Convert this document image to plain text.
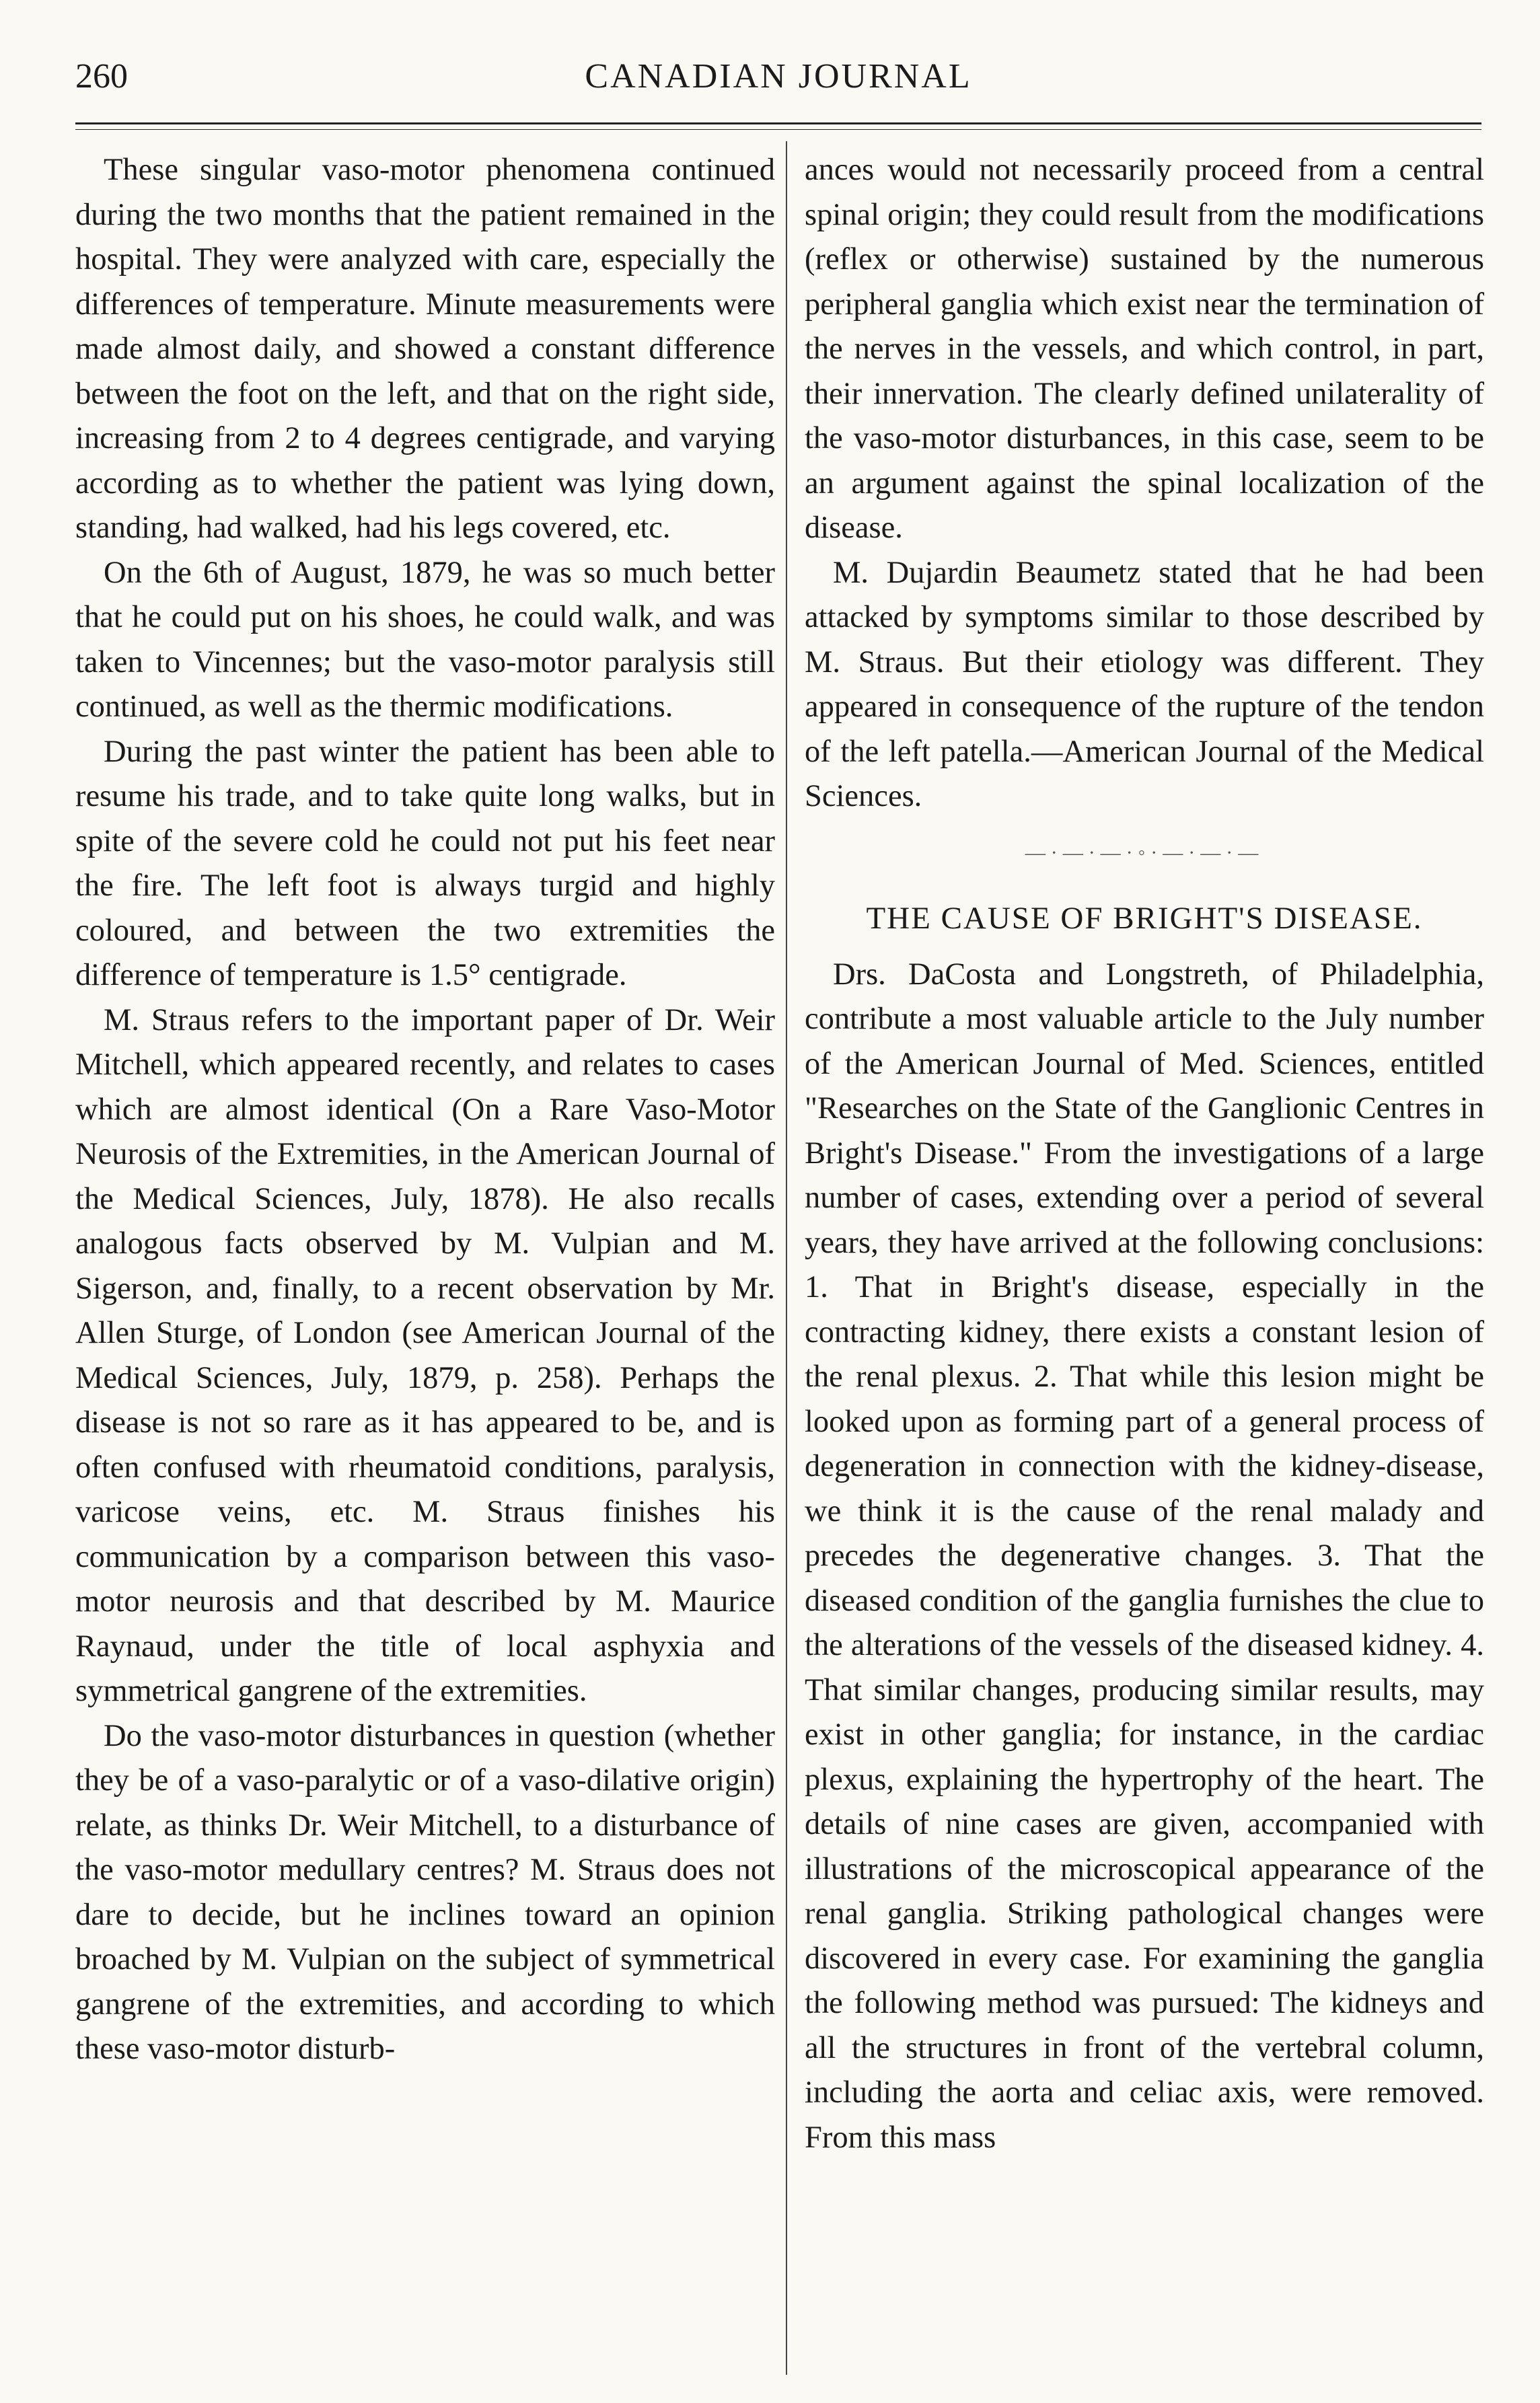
260	CANADIAN JOURNAL

These singular vaso-motor phenomena continued during the two months that the patient remained in the hospital. They were analyzed with care, especially the differences of temperature. Minute measurements were made almost daily, and showed a constant difference between the foot on the left, and that on the right side, increasing from 2 to 4 degrees centigrade, and varying according as to whether the patient was lying down, standing, had walked, had his legs covered, etc.

On the 6th of August, 1879, he was so much better that he could put on his shoes, he could walk, and was taken to Vincennes; but the vaso-motor paralysis still continued, as well as the thermic modifications.

During the past winter the patient has been able to resume his trade, and to take quite long walks, but in spite of the severe cold he could not put his feet near the fire. The left foot is always turgid and highly coloured, and between the two extremities the difference of temperature is 1.5° centigrade.

M. Straus refers to the important paper of Dr. Weir Mitchell, which appeared recently, and relates to cases which are almost identical (On a Rare Vaso-Motor Neurosis of the Extremities, in the American Journal of the Medical Sciences, July, 1878). He also recalls analogous facts observed by M. Vulpian and M. Sigerson, and, finally, to a recent observation by Mr. Allen Sturge, of London (see American Journal of the Medical Sciences, July, 1879, p. 258). Perhaps the disease is not so rare as it has appeared to be, and is often confused with rheumatoid conditions, paralysis, varicose veins, etc. M. Straus finishes his communication by a comparison between this vaso-motor neurosis and that described by M. Maurice Raynaud, under the title of local asphyxia and symmetrical gangrene of the extremities.

Do the vaso-motor disturbances in question (whether they be of a vaso-paralytic or of a vaso-dilative origin) relate, as thinks Dr. Weir Mitchell, to a disturbance of the vaso-motor medullary centres? M. Straus does not dare to decide, but he inclines toward an opinion broached by M. Vulpian on the subject of symmetrical gangrene of the extremities, and according to which these vaso-motor disturb-

ances would not necessarily proceed from a central spinal origin; they could result from the modifications (reflex or otherwise) sustained by the numerous peripheral ganglia which exist near the termination of the nerves in the vessels, and which control, in part, their innervation. The clearly defined unilaterality of the vaso-motor disturbances, in this case, seem to be an argument against the spinal localization of the disease.

M. Dujardin Beaumetz stated that he had been attacked by symptoms similar to those described by M. Straus. But their etiology was different. They appeared in consequence of the rupture of the tendon of the left patella.—American Journal of the Medical Sciences.

—·—·—·◦·—·—·—
THE CAUSE OF BRIGHT'S DISEASE.

Drs. DaCosta and Longstreth, of Philadelphia, contribute a most valuable article to the July number of the American Journal of Med. Sciences, entitled "Researches on the State of the Ganglionic Centres in Bright's Disease." From the investigations of a large number of cases, extending over a period of several years, they have arrived at the following conclusions: 1. That in Bright's disease, especially in the contracting kidney, there exists a constant lesion of the renal plexus. 2. That while this lesion might be looked upon as forming part of a general process of degeneration in connection with the kidney-disease, we think it is the cause of the renal malady and precedes the degenerative changes. 3. That the diseased condition of the ganglia furnishes the clue to the alterations of the vessels of the diseased kidney. 4. That similar changes, producing similar results, may exist in other ganglia; for instance, in the cardiac plexus, explaining the hypertrophy of the heart. The details of nine cases are given, accompanied with illustrations of the microscopical appearance of the renal ganglia. Striking pathological changes were discovered in every case. For examining the ganglia the following method was pursued: The kidneys and all the structures in front of the vertebral column, including the aorta and celiac axis, were removed. From this mass
